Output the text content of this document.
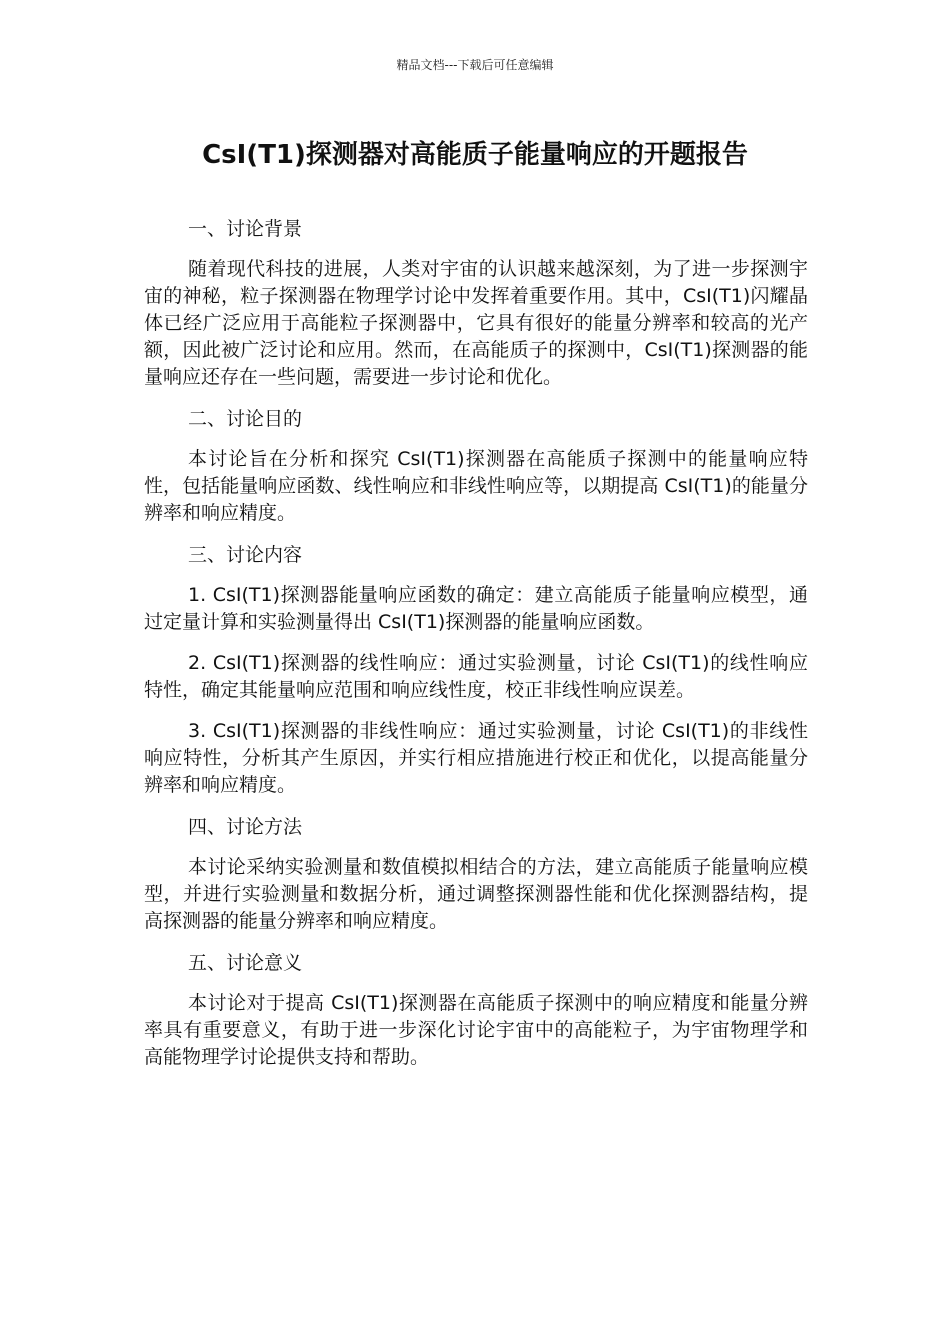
精品文档---下载后可任意编辑
CsI(T1)探测器对高能质子能量响应的开题报告

一、讨论背景

随着现代科技的进展，人类对宇宙的认识越来越深刻，为了进一步探测宇宙的神秘，粒子探测器在物理学讨论中发挥着重要作用。其中，CsI(T1)闪耀晶体已经广泛应用于高能粒子探测器中，它具有很好的能量分辨率和较高的光产额，因此被广泛讨论和应用。然而，在高能质子的探测中，CsI(T1)探测器的能量响应还存在一些问题，需要进一步讨论和优化。

二、讨论目的

本讨论旨在分析和探究 CsI(T1)探测器在高能质子探测中的能量响应特性，包括能量响应函数、线性响应和非线性响应等，以期提高 CsI(T1)的能量分辨率和响应精度。

三、讨论内容

1. CsI(T1)探测器能量响应函数的确定：建立高能质子能量响应模型，通过定量计算和实验测量得出 CsI(T1)探测器的能量响应函数。

2. CsI(T1)探测器的线性响应：通过实验测量，讨论 CsI(T1)的线性响应特性，确定其能量响应范围和响应线性度，校正非线性响应误差。

3. CsI(T1)探测器的非线性响应：通过实验测量，讨论 CsI(T1)的非线性响应特性，分析其产生原因，并实行相应措施进行校正和优化，以提高能量分辨率和响应精度。

四、讨论方法

本讨论采纳实验测量和数值模拟相结合的方法，建立高能质子能量响应模型，并进行实验测量和数据分析，通过调整探测器性能和优化探测器结构，提高探测器的能量分辨率和响应精度。

五、讨论意义

本讨论对于提高 CsI(T1)探测器在高能质子探测中的响应精度和能量分辨率具有重要意义，有助于进一步深化讨论宇宙中的高能粒子，为宇宙物理学和高能物理学讨论提供支持和帮助。
